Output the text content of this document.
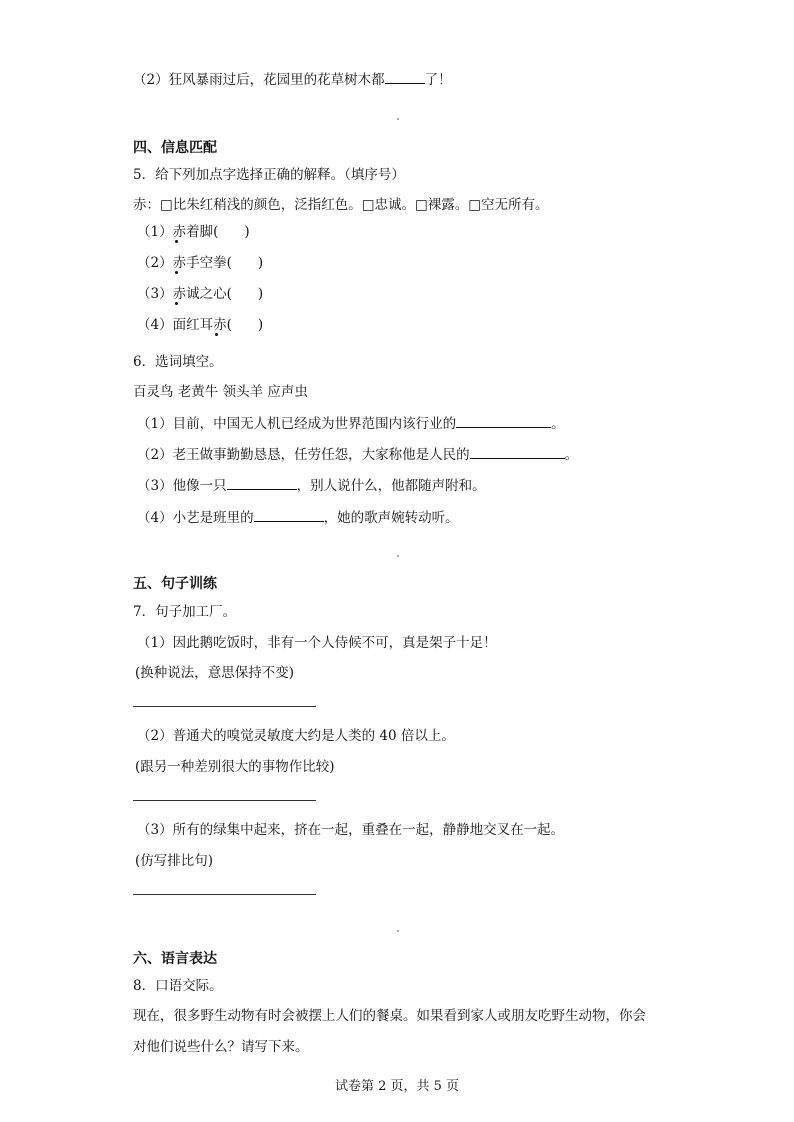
（2）狂风暴雨过后，花园里的花草树木都	了！
四、信息匹配
5．给下列加点字选择正确的解释。（填序号）
赤：□比朱红稍浅的颜色，泛指红色。□忠诚。□裸露。□空无所有。
（1）赤着脚( )
（2）赤手空拳( )
（3）赤诚之心( )
（4）面红耳赤( )
6．选词填空。
百灵鸟 老黄牛 领头羊 应声虫
（1）目前，中国无人机已经成为世界范围内该行业的	。
（2）老王做事勤勤恳恳，任劳任怨，大家称他是人民的	。
（3）他像一只	，别人说什么，他都随声附和。
（4）小艺是班里的	，她的歌声婉转动听。
五、句子训练
7．句子加工厂。
（1）因此鹅吃饭时，非有一个人侍候不可，真是架子十足！
(换种说法，意思保持不变)
（2）普通犬的嗅觉灵敏度大约是人类的 40 倍以上。
(跟另一种差别很大的事物作比较)
（3）所有的绿集中起来，挤在一起，重叠在一起，静静地交叉在一起。
(仿写排比句)
六、语言表达
8．口语交际。
现在，很多野生动物有时会被摆上人们的餐桌。如果看到家人或朋友吃野生动物，你会
对他们说些什么？请写下来。
试卷第 2 页，共 5 页
